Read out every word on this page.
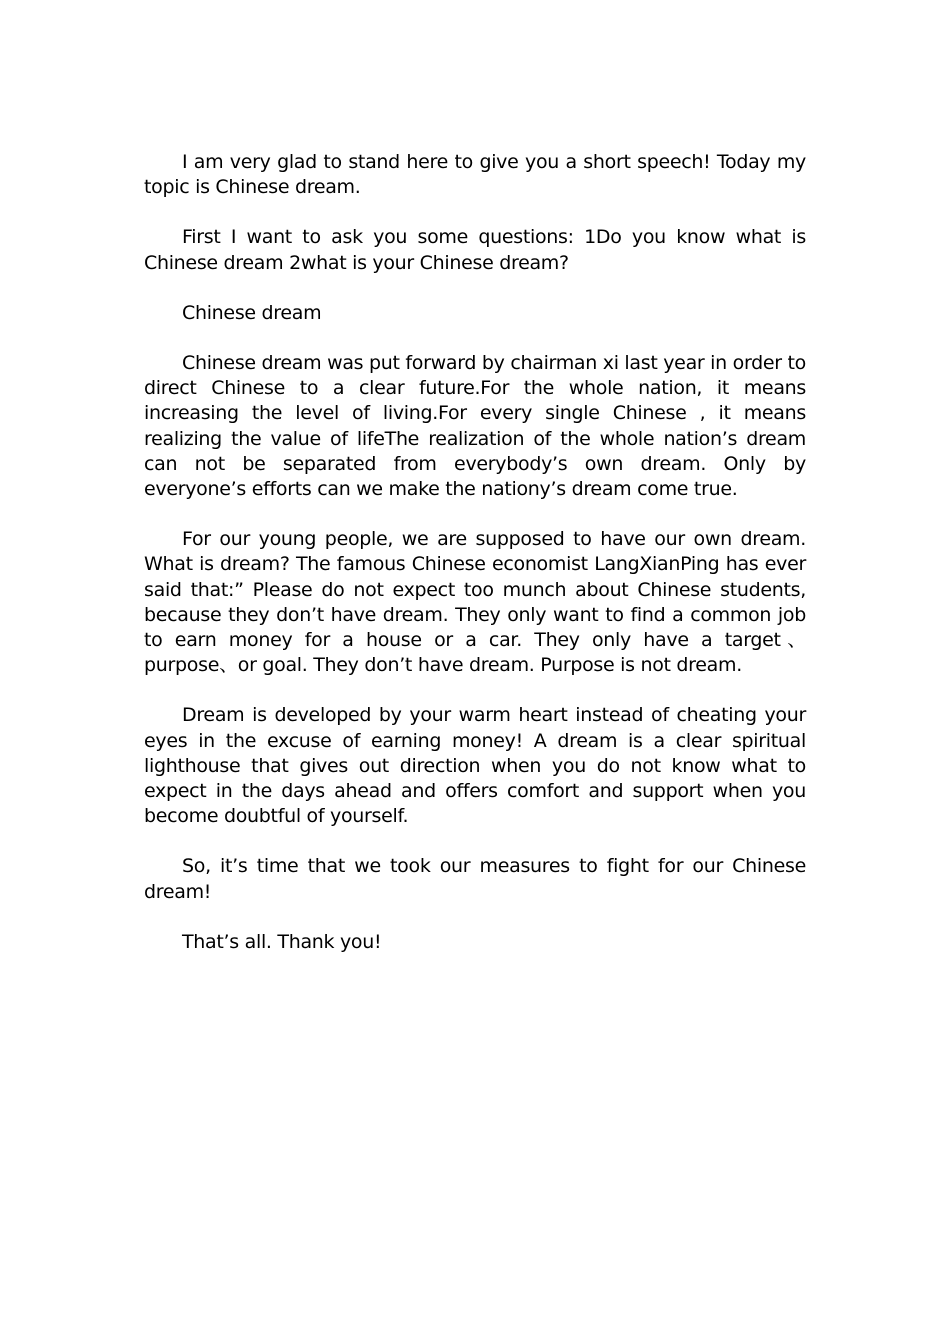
I am very glad to stand here to give you a short speech! Today my topic is Chinese dream.

First I want to ask you some questions: 1Do you know what is Chinese dream 2what is your Chinese dream?

Chinese dream

Chinese dream was put forward by chairman xi last year in order to direct Chinese to a clear future.For the whole nation, it means increasing the level of living.For every single Chinese , it means realizing the value of lifeThe realization of the whole nation’s dream can not be separated from everybody’s own dream. Only by everyone’s efforts can we make the nationy’s dream come true.

For our young people, we are supposed to have our own dream. What is dream? The famous Chinese economist LangXianPing has ever said that:” Please do not expect too munch about Chinese students, because they don’t have dream. They only want to find a common job to earn money for a house or a car. They only have a target、purpose、or goal. They don’t have dream. Purpose is not dream.

Dream is developed by your warm heart instead of cheating your eyes in the excuse of earning money! A dream is a clear spiritual lighthouse that gives out direction when you do not know what to expect in the days ahead and offers comfort and support when you become doubtful of yourself.

So, it’s time that we took our measures to fight for our Chinese dream!

That’s all. Thank you!
